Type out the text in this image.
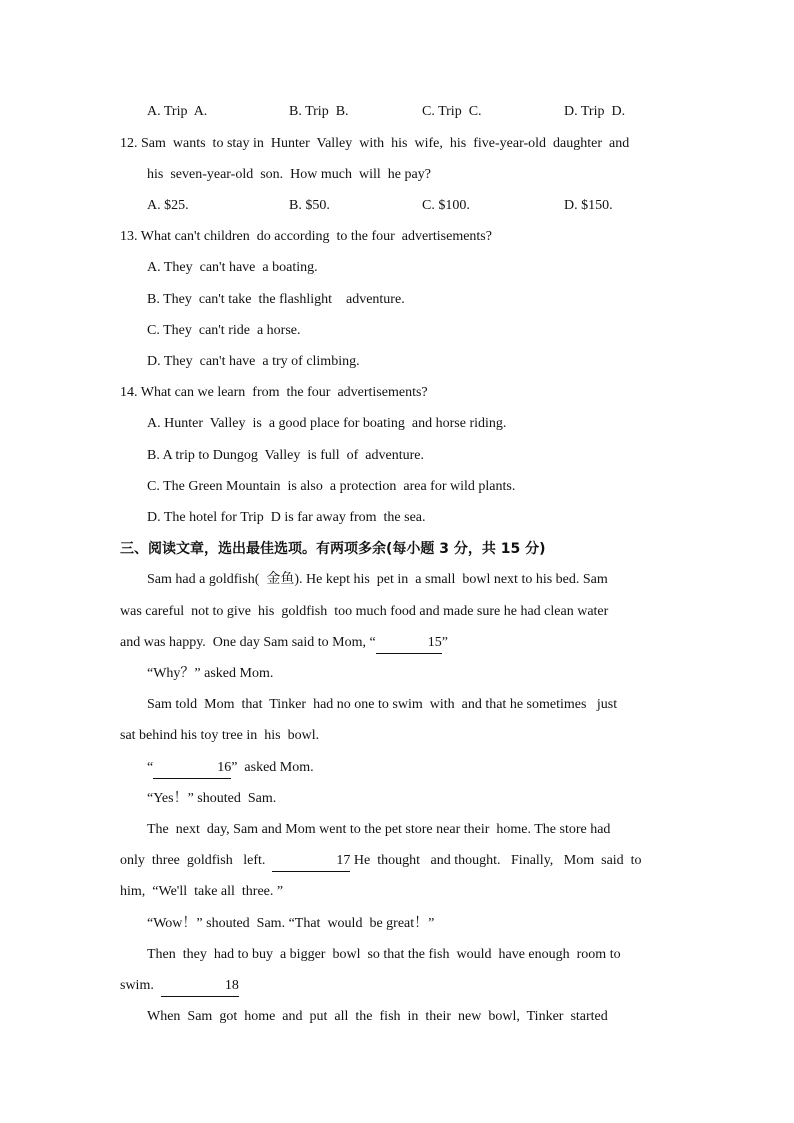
A. Trip  A.

	B. Trip  B.

	C. Trip  C.

	D. Trip  D.

12. Sam  wants  to stay in  Hunter  Valley  with  his  wife,  his  five-year-old  daughter  and
his  seven-year-old  son.  How much  will  he pay?

A. $25.

	B. $50.

	C. $100.

	D. $150.

13. What can't children  do according  to the four  advertisements?
A. They  can't have  a boating.
B. They  can't take  the flashlight    adventure.
C. They  can't ride  a horse.
D. They  can't have  a try of climbing.
14. What can we learn  from  the four  advertisements?
A. Hunter  Valley  is  a good place for boating  and horse riding.
B. A trip to Dungog  Valley  is full  of  adventure.
C. The Green Mountain  is also  a protection  area for wild plants.
D. The hotel for Trip  D is far away from  the sea.
三、阅读文章，选出最佳选项。有两项多余(每小题 3 分，共 15 分)
Sam had a goldfish(  金鱼). He kept his  pet in  a small  bowl next to his bed. Sam
was careful  not to give  his  goldfish  too much food and made sure he had clean water
and was happy.  One day Sam said to Mom, “	15”
“Why？” asked Mom.
Sam told  Mom  that  Tinker  had no one to swim  with  and that he sometimes   just
sat behind his toy tree in  his  bowl.
“	16”  asked Mom.
“Yes！” shouted  Sam.
The  next  day, Sam and Mom went to the pet store near their  home. The store had
only  three  goldfish   left.	17 He  thought   and thought.   Finally,   Mom  said  to
him,  “We'll  take all  three. ”
“Wow！” shouted  Sam. “That  would  be great！”
Then  they  had to buy  a bigger  bowl  so that the fish  would  have enough  room to
swim.	18
When  Sam  got  home  and  put  all  the  fish  in  their  new  bowl,  Tinker  started
